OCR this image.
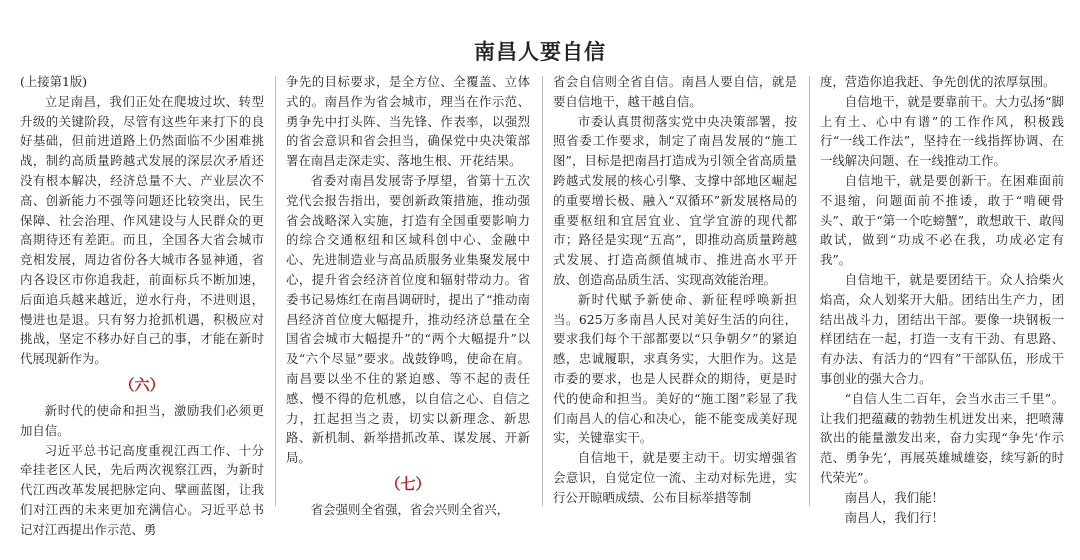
南昌人要自信

(上接第1版)

立足南昌，我们正处在爬坡过坎、转型升级的关键阶段，尽管有这些年来打下的良好基础，但前进道路上仍然面临不少困难挑战，制约高质量跨越式发展的深层次矛盾还没有根本解决，经济总量不大、产业层次不高、创新能力不强等问题还比较突出，民生保障、社会治理、作风建设与人民群众的更高期待还有差距。而且，全国各大省会城市竞相发展，周边省份各大城市各显神通，省内各设区市你追我赶，前面标兵不断加速，后面追兵越来越近，逆水行舟，不进则退，慢进也是退。只有努力抢抓机遇，积极应对挑战，坚定不移办好自己的事，才能在新时代展现新作为。

（六）

新时代的使命和担当，激励我们必须更加自信。

习近平总书记高度重视江西工作、十分牵挂老区人民，先后两次视察江西，为新时代江西改革发展把脉定向、擘画蓝图，让我们对江西的未来更加充满信心。习近平总书记对江西提出作示范、勇

争先的目标要求，是全方位、全覆盖、立体式的。南昌作为省会城市，理当在作示范、勇争先中打头阵、当先锋、作表率，以强烈的省会意识和省会担当，确保党中央决策部署在南昌走深走实、落地生根、开花结果。

省委对南昌发展寄予厚望，省第十五次党代会报告指出，要创新政策措施，推动强省会战略深入实施，打造有全国重要影响力的综合交通枢纽和区域科创中心、金融中心、先进制造业与高品质服务业集聚发展中心，提升省会经济首位度和辐射带动力。省委书记易炼红在南昌调研时，提出了“推动南昌经济首位度大幅提升，推动经济总量在全国省会城市大幅提升”的“两个大幅提升”以及“六个尽显”要求。战鼓铮鸣，使命在肩。南昌要以坐不住的紧迫感、等不起的责任感、慢不得的危机感，以自信之心、自信之力，扛起担当之责，切实以新理念、新思路、新机制、新举措抓改革、谋发展、开新局。

（七）

省会强则全省强，省会兴则全省兴，

省会自信则全省自信。南昌人要自信，就是要自信地干，越干越自信。

市委认真贯彻落实党中央决策部署，按照省委工作要求，制定了南昌发展的“施工图”，目标是把南昌打造成为引领全省高质量跨越式发展的核心引擎、支撑中部地区崛起的重要增长极、融入“双循环”新发展格局的重要枢纽和宜居宜业、宜学宜游的现代都市；路径是实现“五高”，即推动高质量跨越式发展、打造高颜值城市、推进高水平开放、创造高品质生活、实现高效能治理。

新时代赋予新使命、新征程呼唤新担当。625万多南昌人民对美好生活的向往，要求我们每个干部都要以“只争朝夕”的紧迫感，忠诚履职，求真务实，大胆作为。这是市委的要求，也是人民群众的期待，更是时代的使命和担当。美好的“施工图”彩显了我们南昌人的信心和决心，能不能变成美好现实，关键靠实干。

自信地干，就是要主动干。切实增强省会意识，自觉定位一流、主动对标先进，实行公开晾晒成绩、公布目标举措等制

度，营造你追我赶、争先创优的浓厚氛围。

自信地干，就是要靠前干。大力弘扬“脚上有土、心中有谱”的工作作风，积极践行“一线工作法”，坚持在一线指挥协调、在一线解决问题、在一线推动工作。

自信地干，就是要创新干。在困难面前不退缩，问题面前不推诿，敢于“啃硬骨头”、敢于“第一个吃螃蟹”，敢想敢干、敢闯敢试，做到“功成不必在我，功成必定有我”。

自信地干，就是要团结干。众人拾柴火焰高，众人划桨开大船。团结出生产力，团结出战斗力，团结出干部。要像一块钢板一样团结在一起，打造一支有干劲、有思路、有办法、有活力的“四有”干部队伍，形成干事创业的强大合力。

“自信人生二百年，会当水击三千里”。让我们把蕴藏的勃勃生机迸发出来，把喷薄欲出的能量激发出来，奋力实现“争先‘作示范、勇争先’，再展英雄城雄姿，续写新的时代荣光”。

南昌人，我们能！

南昌人，我们行！
